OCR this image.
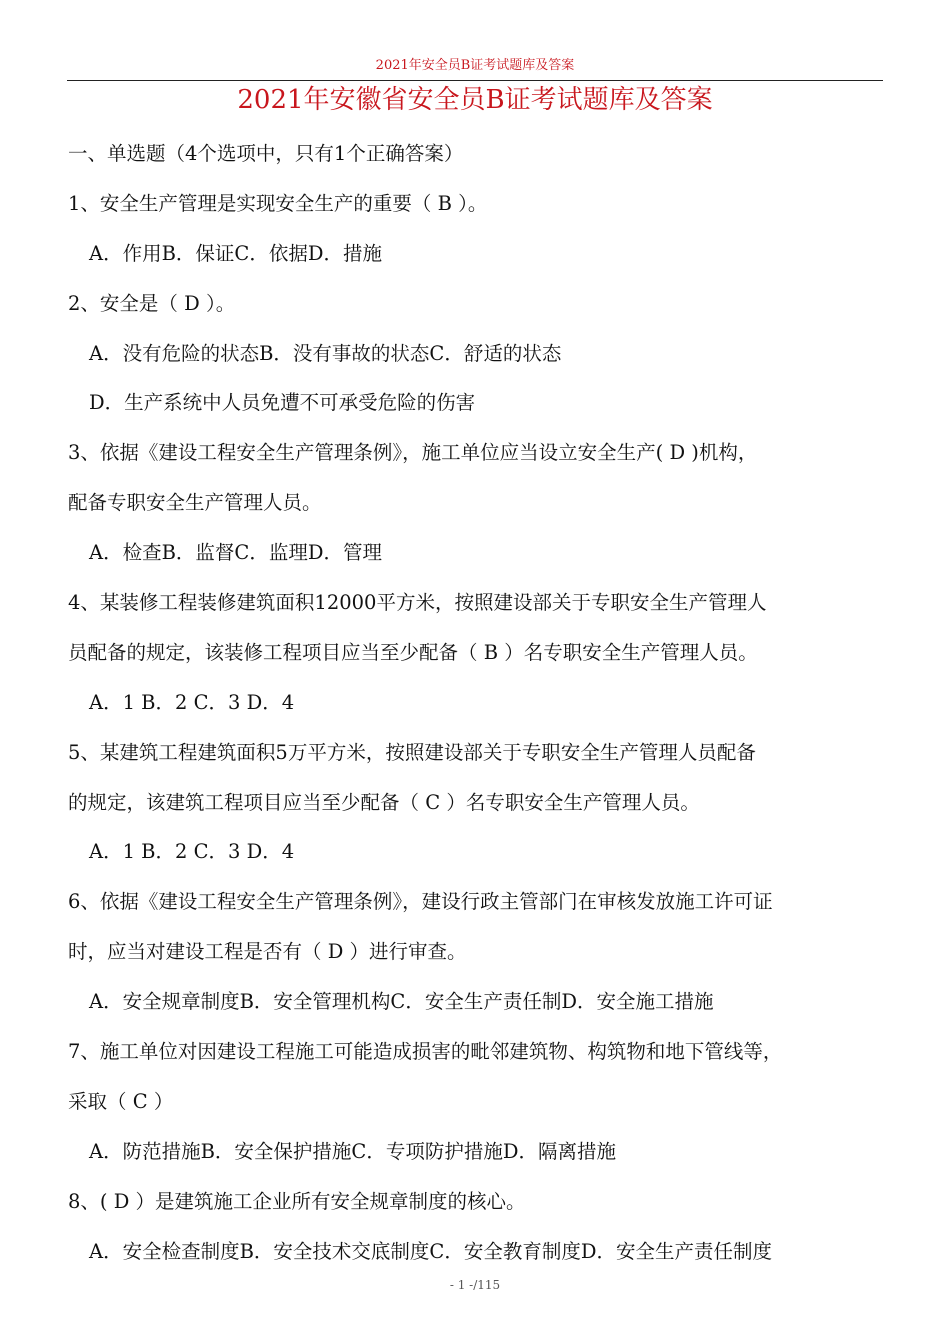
2021年安全员B证考试题库及答案
2021年安徽省安全员B证考试题库及答案
一、单选题（4个选项中，只有1个正确答案）
1、安全生产管理是实现安全生产的重要（ B ）。
A．作用B．保证C．依据D．措施
2、安全是（ D ）。
A．没有危险的状态B．没有事故的状态C．舒适的状态
D．生产系统中人员免遭不可承受危险的伤害
3、依据《建设工程安全生产管理条例》，施工单位应当设立安全生产( D )机构，
配备专职安全生产管理人员。
A．检查B．监督C．监理D．管理
4、某装修工程装修建筑面积12000平方米，按照建设部关于专职安全生产管理人
员配备的规定，该装修工程项目应当至少配备（ B ）名专职安全生产管理人员。
A．1 B．2 C．3 D．4
5、某建筑工程建筑面积5万平方米，按照建设部关于专职安全生产管理人员配备
的规定，该建筑工程项目应当至少配备（ C ）名专职安全生产管理人员。
A．1 B．2 C．3 D．4
6、依据《建设工程安全生产管理条例》，建设行政主管部门在审核发放施工许可证
时，应当对建设工程是否有（ D ）进行审查。
A．安全规章制度B．安全管理机构C．安全生产责任制D．安全施工措施
7、施工单位对因建设工程施工可能造成损害的毗邻建筑物、构筑物和地下管线等，
采取（ C ）
A．防范措施B．安全保护措施C．专项防护措施D．隔离措施
8、( D ）是建筑施工企业所有安全规章制度的核心。
A．安全检查制度B．安全技术交底制度C．安全教育制度D．安全生产责任制度
- 1 -/115
